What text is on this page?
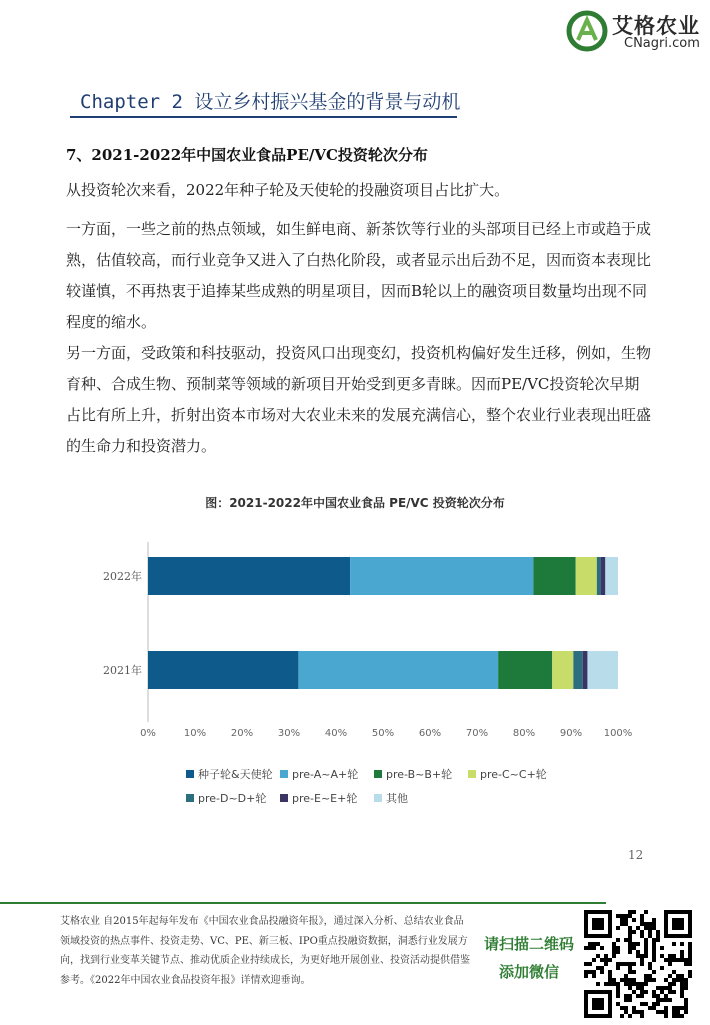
艾格农业
CNagri.com
Chapter 2 设立乡村振兴基金的背景与动机
7、2021-2022年中国农业食品PE/VC投资轮次分布
从投资轮次来看，2022年种子轮及天使轮的投融资项目占比扩大。
一方面，一些之前的热点领域，如生鲜电商、新茶饮等行业的头部项目已经上市或趋于成熟，估值较高，而行业竞争又进入了白热化阶段，或者显示出后劲不足，因而资本表现比较谨慎，不再热衷于追捧某些成熟的明星项目，因而B轮以上的融资项目数量均出现不同程度的缩水。
另一方面，受政策和科技驱动，投资风口出现变幻，投资机构偏好发生迁移，例如，生物育种、合成生物、预制菜等领域的新项目开始受到更多青睐。因而PE/VC投资轮次早期占比有所上升，折射出资本市场对大农业未来的发展充满信心，整个农业行业表现出旺盛的生命力和投资潜力。
图：2021-2022年中国农业食品 PE/VC 投资轮次分布
2022年
2021年
0%	10% 20% 30% 40% 50% 60% 70% 80% 90% 100%
种子轮&天使轮 pre-A~A+轮	pre-B~B+轮	pre-C~C+轮
pre-D~D+轮 pre-E~E+轮	其他
12
艾格农业 自2015年起每年发布《中国农业食品投融资年报》，通过深入分析、总结农业食品领域投资的热点事件、投资走势、VC、PE、新三板、IPO重点投融资数据，洞悉行业发展方向，找到行业变革关键节点、推动优质企业持续成长，为更好地开展创业、投资活动提供借鉴参考。《2022年中国农业食品投资年报》详情欢迎垂询。
请扫描二维码
添加微信
